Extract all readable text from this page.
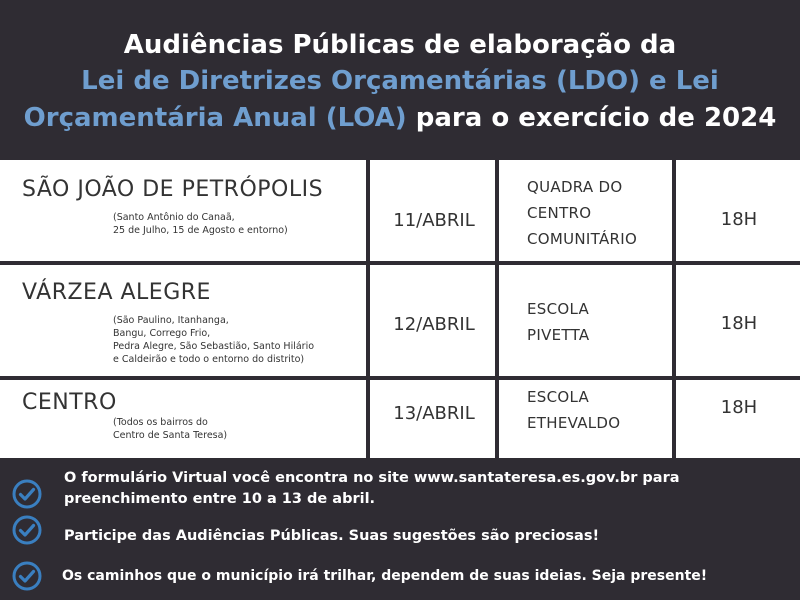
Audiências Públicas de elaboração da
Lei de Diretrizes Orçamentárias (LDO) e Lei
Orçamentária Anual (LOA) para o exercício de 2024
SÃO JOÃO DE PETRÓPOLIS
(Santo Antônio do Canaã,
25 de Julho, 15 de Agosto e entorno)	11/ABRIL
QUADRA DO
CENTRO
COMUNITÁRIO
18H
VÁRZEA ALEGRE
(São Paulino, Itanhanga,
Bangu, Corrego Frio,
Pedra Alegre, São Sebastião, Santo Hilário
e Caldeirão e todo o entorno do distrito)
12/ABRIL
ESCOLA
PIVETTA
18H
CENTRO
(Todos os bairros do
Centro de Santa Teresa)
13/ABRIL
ESCOLA
ETHEVALDO
18H
O formulário Virtual você encontra no site www.santateresa.es.gov.br para
preenchimento entre 10 a 13 de abril.
Participe das Audiências Públicas. Suas sugestões são preciosas!
Os caminhos que o município irá trilhar, dependem de suas ideias. Seja presente!
